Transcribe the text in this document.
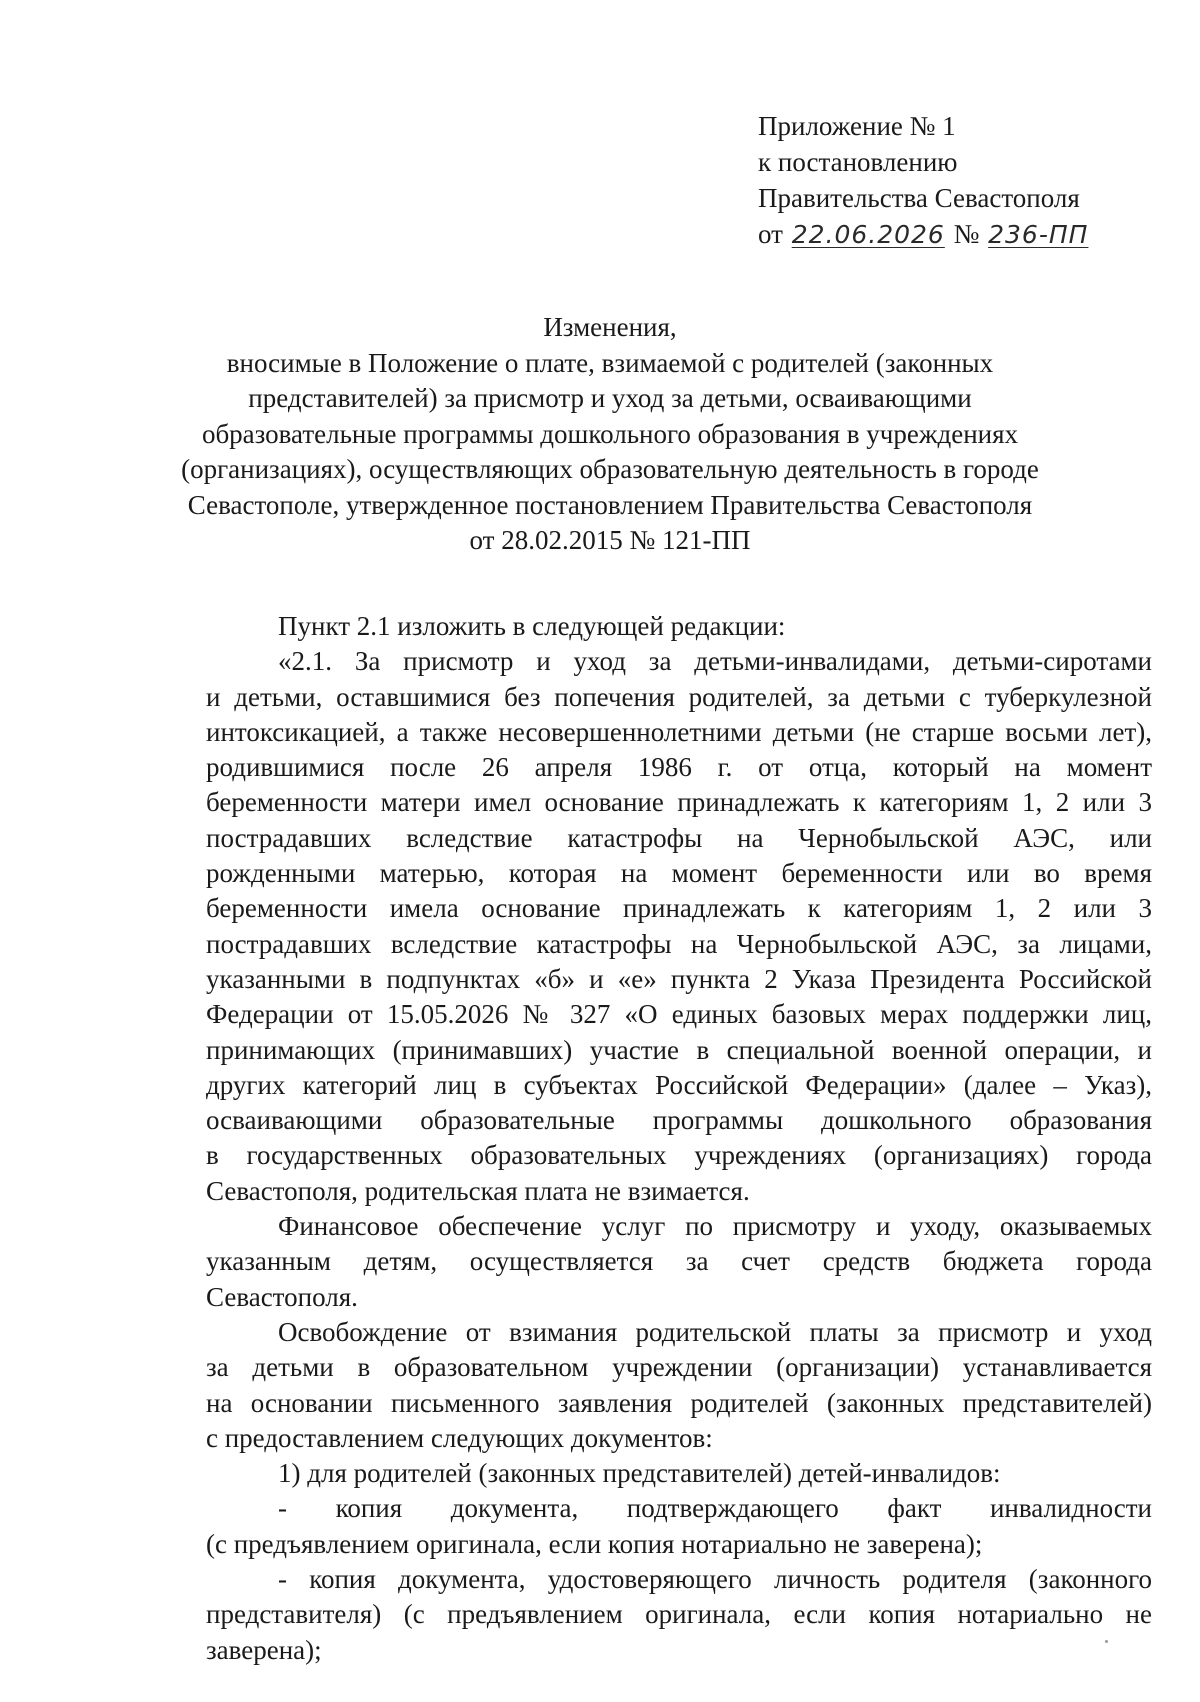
Приложение № 1
к постановлению
Правительства Севастополя
от 22.06.2026 № 236-ПП
Изменения,
вносимые в Положение о плате, взимаемой с родителей (законных
представителей) за присмотр и уход за детьми, осваивающими
образовательные программы дошкольного образования в учреждениях
(организациях), осуществляющих образовательную деятельность в городе
Севастополе, утвержденное постановлением Правительства Севастополя
от 28.02.2015 № 121-ПП
Пункт 2.1 изложить в следующей редакции:
«2.1. За присмотр и уход за детьми-инвалидами, детьми-сиротами
и детьми, оставшимися без попечения родителей, за детьми с туберкулезной
интоксикацией, а также несовершеннолетними детьми (не старше восьми лет),
родившимися после 26 апреля 1986 г. от отца, который на момент
беременности матери имел основание принадлежать к категориям 1, 2 или 3
пострадавших вследствие катастрофы на Чернобыльской АЭС, или
рожденными матерью, которая на момент беременности или во время
беременности имела основание принадлежать к категориям 1, 2 или 3
пострадавших вследствие катастрофы на Чернобыльской АЭС, за лицами,
указанными в подпунктах «б» и «е» пункта 2 Указа Президента Российской
Федерации от 15.05.2026 № 327 «О единых базовых мерах поддержки лиц,
принимающих (принимавших) участие в специальной военной операции, и
других категорий лиц в субъектах Российской Федерации» (далее – Указ),
осваивающими образовательные программы дошкольного образования
в государственных образовательных учреждениях (организациях) города
Севастополя, родительская плата не взимается.
Финансовое обеспечение услуг по присмотру и уходу, оказываемых
указанным детям, осуществляется за счет средств бюджета города
Севастополя.
Освобождение от взимания родительской платы за присмотр и уход
за детьми в образовательном учреждении (организации) устанавливается
на основании письменного заявления родителей (законных представителей)
с предоставлением следующих документов:
1) для родителей (законных представителей) детей-инвалидов:
- копия документа, подтверждающего факт инвалидности
(с предъявлением оригинала, если копия нотариально не заверена);
- копия документа, удостоверяющего личность родителя (законного
представителя) (с предъявлением оригинала, если копия нотариально не
заверена);
